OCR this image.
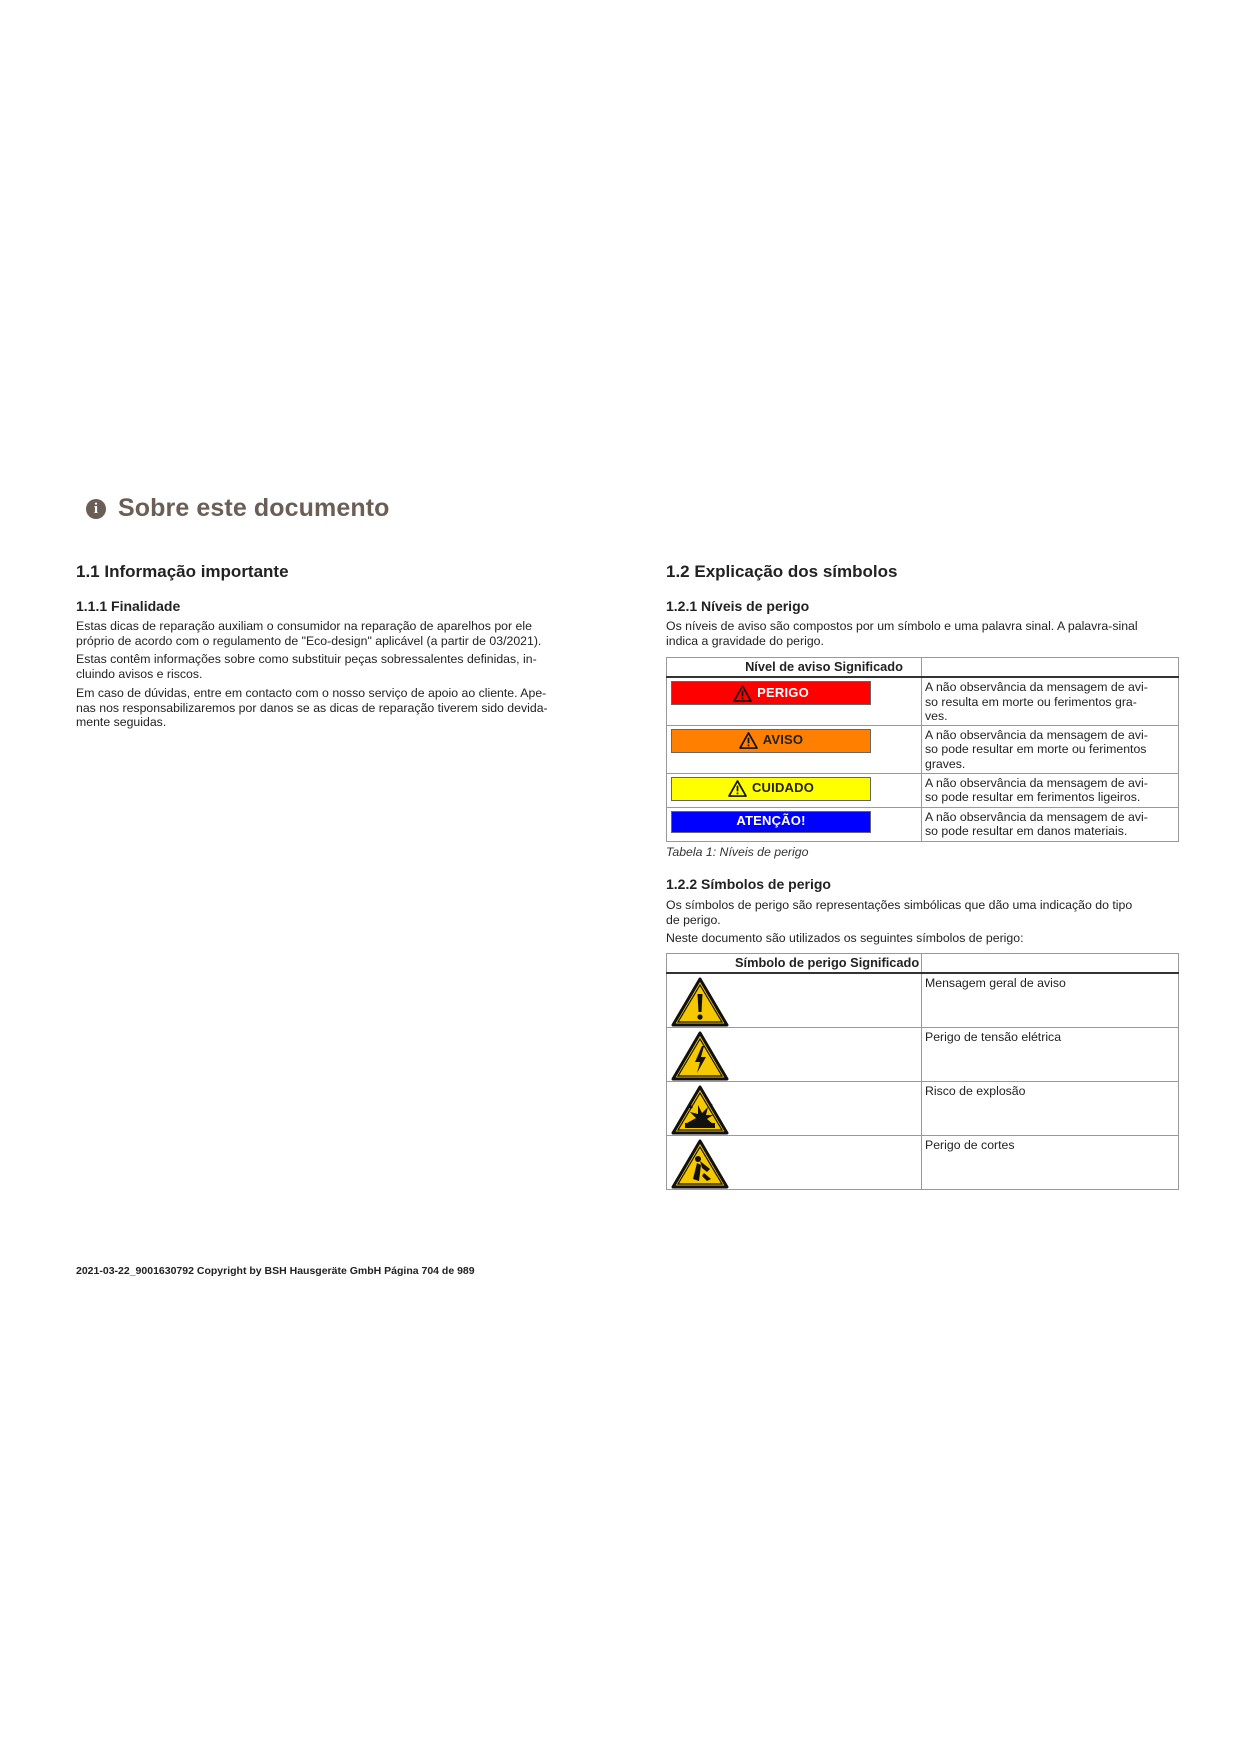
i Sobre este documento
1.1 Informação importante
1.1.1 Finalidade

Estas dicas de reparação auxiliam o consumidor na reparação de aparelhos por ele
próprio de acordo com o regulamento de "Eco-design" aplicável (a partir de 03/2021).

Estas contêm informações sobre como substituir peças sobressalentes definidas, in-
cluindo avisos e riscos.

Em caso de dúvidas, entre em contacto com o nosso serviço de apoio ao cliente. Ape-
nas nos responsabilizaremos por danos se as dicas de reparação tiverem sido devida-
mente seguidas.

1.2 Explicação dos símbolos
1.2.1 Níveis de perigo

Os níveis de aviso são compostos por um símbolo e uma palavra sinal. A palavra-sinal
indica a gravidade do perigo.

Nível de aviso Significado	

PERIGO	A não observância da mensagem de avi-
so resulta em morte ou ferimentos gra-
ves.

AVISO	A não observância da mensagem de avi-
so pode resultar em morte ou ferimentos
graves.

CUIDADO	A não observância da mensagem de avi-
so pode resultar em ferimentos ligeiros.

ATENÇÃO!	A não observância da mensagem de avi-
so pode resultar em danos materiais.
Tabela 1: Níveis de perigo
1.2.2 Símbolos de perigo

Os símbolos de perigo são representações simbólicas que dão uma indicação do tipo
de perigo.

Neste documento são utilizados os seguintes símbolos de perigo:

Símbolo de perigo Significado	

	Mensagem geral de aviso

	Perigo de tensão elétrica

	Risco de explosão

	Perigo de cortes
2021-03-22_9001630792 Copyright by BSH Hausgeräte GmbH Página 704 de 989
